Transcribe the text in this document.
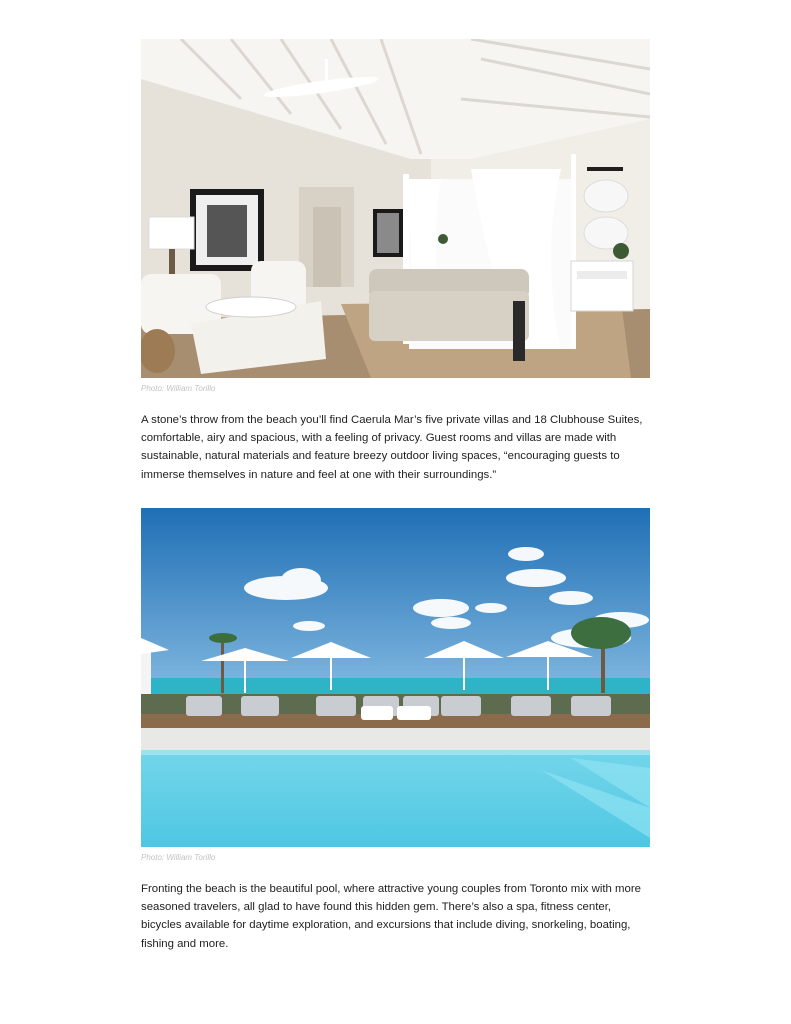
Photo: William Torillo

A stone’s throw from the beach you’ll find Caerula Mar’s five private villas and 18 Clubhouse Suites, comfortable, airy and spacious, with a feeling of privacy. Guest rooms and villas are made with sustainable, natural materials and feature breezy outdoor living spaces, “encouraging guests to immerse themselves in nature and feel at one with their surroundings.”

Photo: William Torillo

Fronting the beach is the beautiful pool, where attractive young couples from Toronto mix with more seasoned travelers, all glad to have found this hidden gem. There’s also a spa, fitness center, bicycles available for daytime exploration, and excursions that include diving, snorkeling, boating, fishing and more.
